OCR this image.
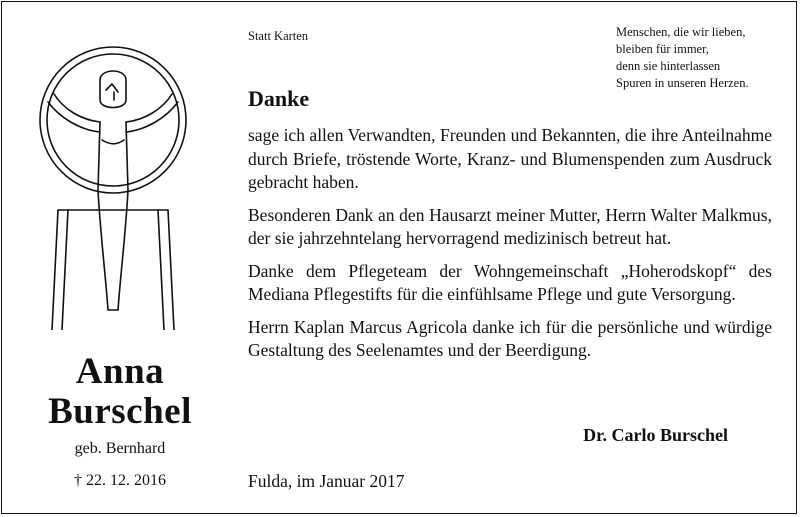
Anna
Burschel
geb. Bernhard
† 22. 12. 2016
Statt Karten	Menschen, die wir lieben,
bleiben für immer,
denn sie hinterlassen
Spuren in unseren Herzen.
Danke

sage ich allen Verwandten, Freunden und Bekannten, die ihre Anteilnahme durch Briefe, tröstende Worte, Kranz- und Blumenspenden zum Ausdruck gebracht haben.

Besonderen Dank an den Hausarzt meiner Mutter, Herrn Walter Malkmus, der sie jahrzehntelang hervorragend medizinisch betreut hat.

Danke dem Pflegeteam der Wohngemeinschaft „Hoherodskopf“ des Mediana Pflegestifts für die einfühlsame Pflege und gute Versorgung.

Herrn Kaplan Marcus Agricola danke ich für die persönliche und würdige Gestaltung des Seelenamtes und der Beerdigung.

Dr. Carlo Burschel
Fulda, im Januar 2017
